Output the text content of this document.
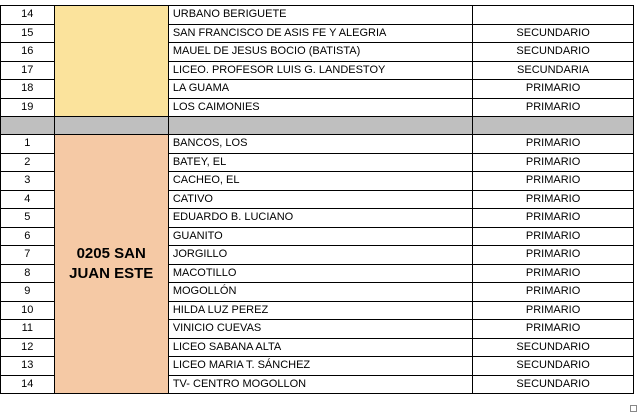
14		URBANO BERIGUETE	
15		SAN FRANCISCO DE ASIS FE Y ALEGRIA	SECUNDARIO
16		MAUEL DE JESUS BOCIO (BATISTA)	SECUNDARIO
17		LICEO. PROFESOR LUIS G. LANDESTOY	SECUNDARIA
18		LA GUAMA	PRIMARIO
19		LOS CAIMONIES	PRIMARIO

1	0205 SAN JUAN ESTE	BANCOS, LOS	PRIMARIO
2		BATEY, EL	PRIMARIO
3		CACHEO, EL	PRIMARIO
4		CATIVO	PRIMARIO
5		EDUARDO B. LUCIANO	PRIMARIO
6		GUANITO	PRIMARIO
7		JORGILLO	PRIMARIO
8		MACOTILLO	PRIMARIO
9		MOGOLLÓN	PRIMARIO
10		HILDA LUZ PEREZ	PRIMARIO
11		VINICIO CUEVAS	PRIMARIO
12		LICEO SABANA ALTA	SECUNDARIO
13		LICEO MARIA T. SÁNCHEZ	SECUNDARIO
14		TV- CENTRO MOGOLLON	SECUNDARIO
